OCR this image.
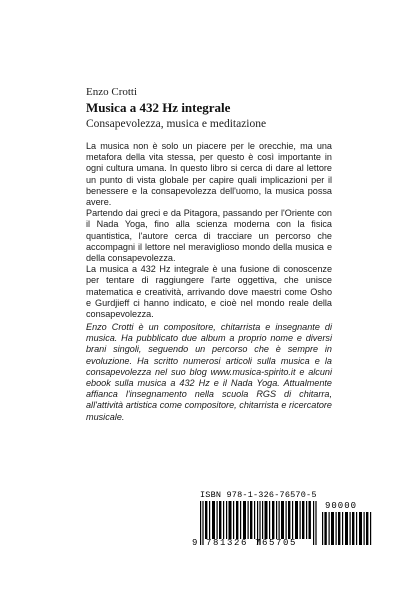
Enzo Crotti
Musica a 432 Hz integrale
Consapevolezza, musica e meditazione

La musica non è solo un piacere per le orecchie, ma una metafora della vita stessa, per questo è così importante in ogni cultura umana. In questo libro si cerca di dare al lettore un punto di vista globale per capire quali implicazioni per il benessere e la consapevolezza dell'uomo, la musica possa avere.

Partendo dai greci e da Pitagora, passando per l'Oriente con il Nada Yoga, fino alla scienza moderna con la fisica quantistica, l'autore cerca di tracciare un percorso che accompagni il lettore nel meraviglioso mondo della musica e della consapevolezza.

La musica a 432 Hz integrale è una fusione di conoscenze per tentare di raggiungere l'arte oggettiva, che unisce matematica e creatività, arrivando dove maestri come Osho e Gurdjieff ci hanno indicato, e cioè nel mondo reale della consapevolezza.

Enzo Crotti è un compositore, chitarrista e insegnante di musica. Ha pubblicato due album a proprio nome e diversi brani singoli, seguendo un percorso che è sempre in evoluzione. Ha scritto numerosi articoli sulla musica e la consapevolezza nel suo blog www.musica-spirito.it e alcuni ebook sulla musica a 432 Hz e il Nada Yoga. Attualmente affianca l'insegnamento nella scuola RGS di chitarra, all'attività artistica come compositore, chitarrista e ricercatore musicale.
ISBN 978-1-326-76570-5
90000
9 781326 765705
